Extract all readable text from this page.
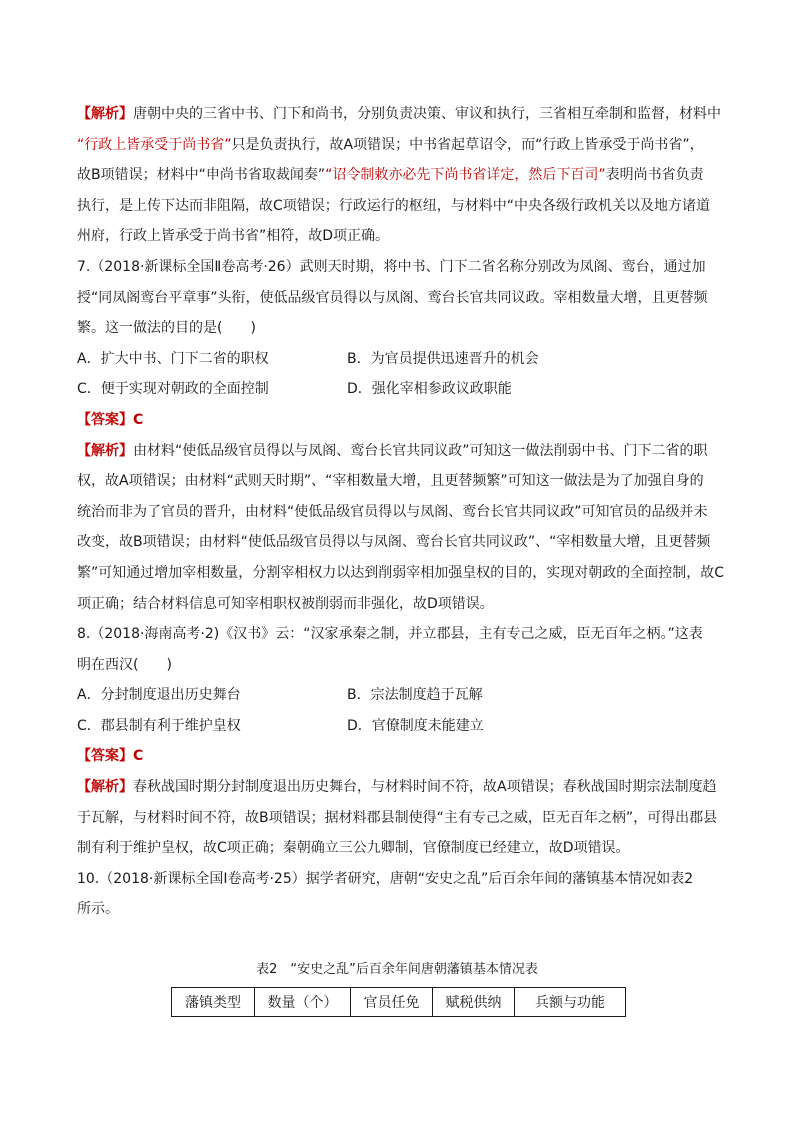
【解析】唐朝中央的三省中书、门下和尚书，分别负责决策、审议和执行，三省相互牵制和监督，材料中

“行政上皆承受于尚书省”只是负责执行，故A项错误；中书省起草诏令，而“行政上皆承受于尚书省”，

故B项错误；材料中“申尚书省取裁闻奏”“诏令制敕亦必先下尚书省详定，然后下百司”表明尚书省负责

执行，是上传下达而非阻隔，故C项错误；行政运行的枢纽，与材料中“中央各级行政机关以及地方诸道

州府，行政上皆承受于尚书省”相符，故D项正确。

7.（2018·新课标全国Ⅱ卷高考·26）武则天时期，将中书、门下二省名称分别改为凤阁、鸾台，通过加

授“同凤阁鸾台平章事”头衔，使低品级官员得以与凤阁、鸾台长官共同议政。宰相数量大增，且更替频

繁。这一做法的目的是(　　)

A．扩大中书、门下二省的职权	B．为官员提供迅速晋升的机会
C．便于实现对朝政的全面控制	D．强化宰相参政议政职能

【答案】C

【解析】由材料“使低品级官员得以与凤阁、鸾台长官共同议政”可知这一做法削弱中书、门下二省的职

权，故A项错误；由材料“武则天时期”、“宰相数量大增，且更替频繁”可知这一做法是为了加强自身的

统治而非为了官员的晋升，由材料“使低品级官员得以与凤阁、鸾台长官共同议政”可知官员的品级并未

改变，故B项错误；由材料“使低品级官员得以与凤阁、鸾台长官共同议政”、“宰相数量大增，且更替频

繁”可知通过增加宰相数量，分割宰相权力以达到削弱宰相加强皇权的目的，实现对朝政的全面控制，故C

项正确；结合材料信息可知宰相职权被削弱而非强化，故D项错误。

8.（2018·海南高考·2)《汉书》云：“汉家承秦之制，并立郡县，主有专己之威，臣无百年之柄。”这表

明在西汉(　　)

A．分封制度退出历史舞台	B．宗法制度趋于瓦解
C．郡县制有利于维护皇权	D．官僚制度未能建立

【答案】C

【解析】春秋战国时期分封制度退出历史舞台，与材料时间不符，故A项错误；春秋战国时期宗法制度趋

于瓦解，与材料时间不符，故B项错误；据材料郡县制使得“主有专己之威，臣无百年之柄”，可得出郡县

制有利于维护皇权，故C项正确；秦朝确立三公九卿制，官僚制度已经建立，故D项错误。

10.（2018·新课标全国Ⅰ卷高考·25）据学者研究，唐朝“安史之乱”后百余年间的藩镇基本情况如表2

所示。

表2　“安史之乱”后百余年间唐朝藩镇基本情况表
藩镇类型	数量（个）	官员任免	赋税供纳	兵额与功能
